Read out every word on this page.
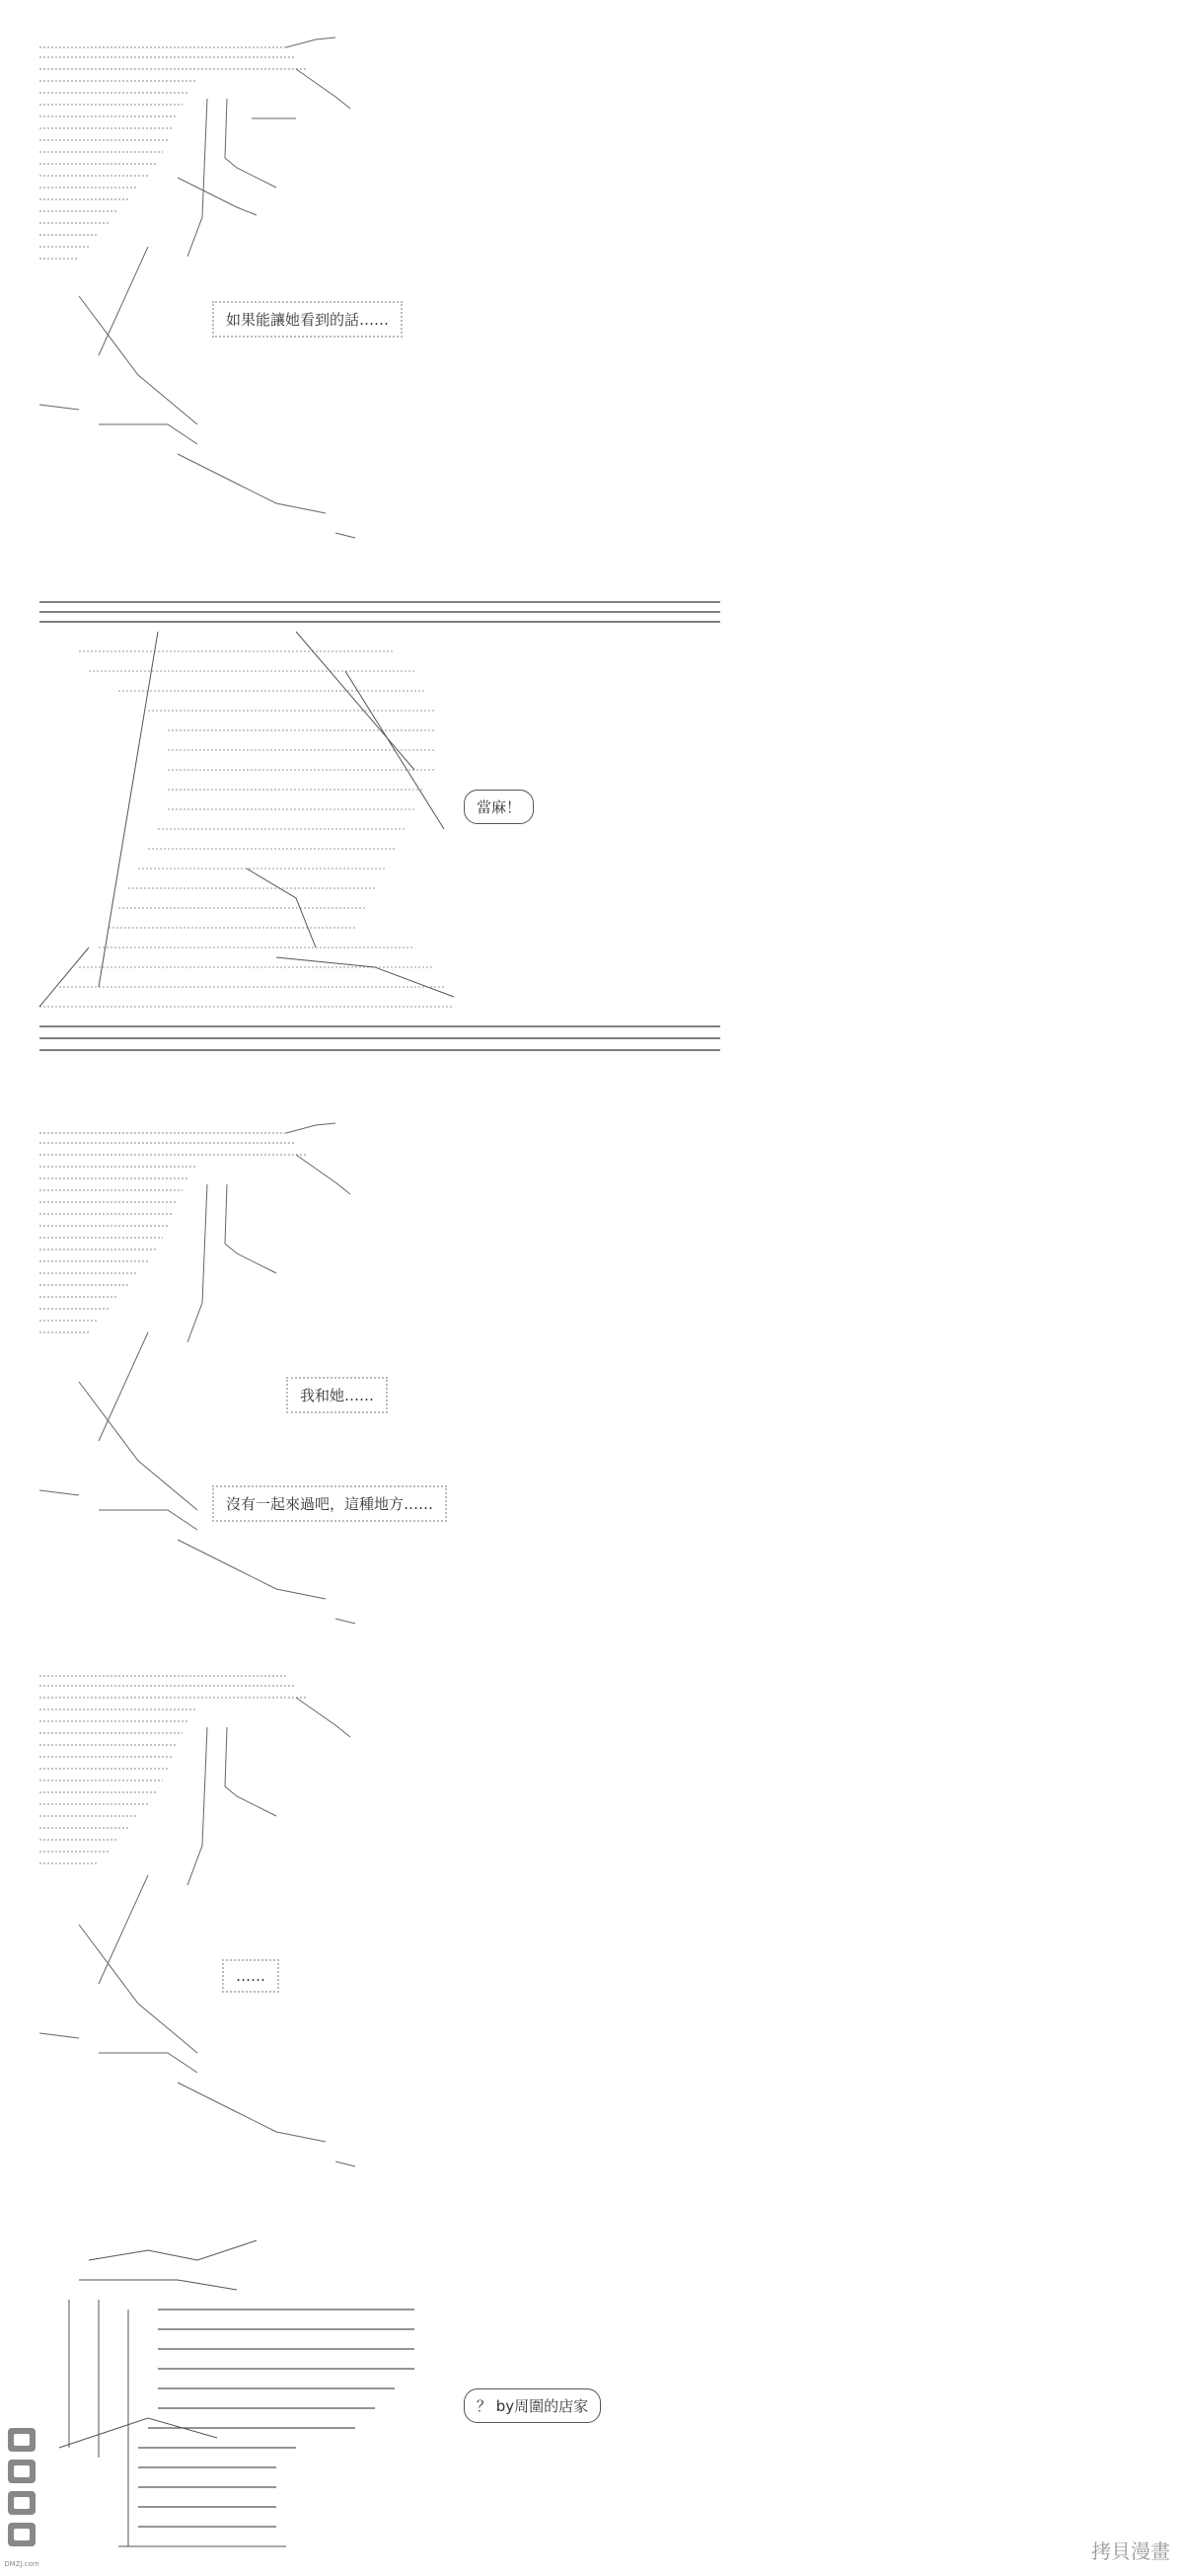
如果能讓她看到的話……
當麻！
我和她……
沒有一起來過吧，這種地方……
……
？ by周圍的店家
DMZJ.com
拷貝漫畫
